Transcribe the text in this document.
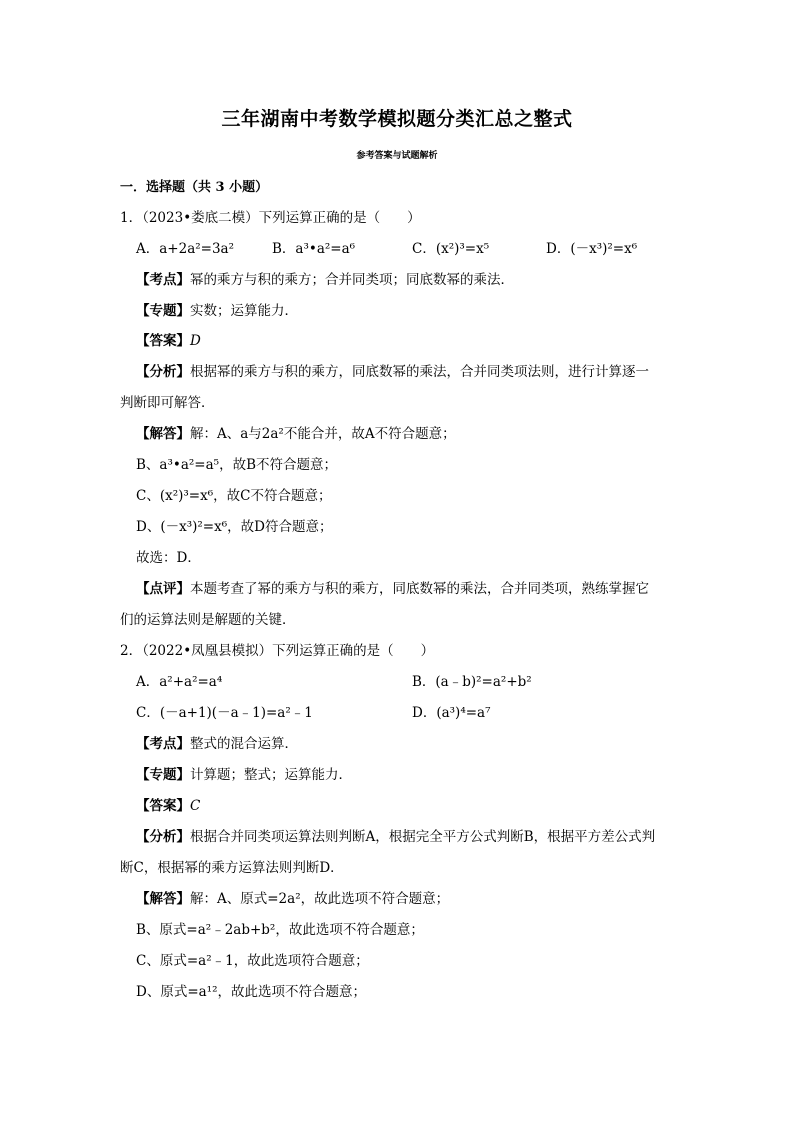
三年湖南中考数学模拟题分类汇总之整式
参考答案与试题解析
一．选择题（共 3 小题）
1．（2023•娄底二模）下列运算正确的是（　　）
A．a+2a²=3a²	B．a³•a²=a⁶	C．(x²)³=x⁵	D．(－x³)²=x⁶
【考点】幂的乘方与积的乘方；合并同类项；同底数幂的乘法．
【专题】实数；运算能力．
【答案】D
【分析】根据幂的乘方与积的乘方，同底数幂的乘法，合并同类项法则，进行计算逐一
判断即可解答．
【解答】解：A、a与2a²不能合并，故A不符合题意；
B、a³•a²=a⁵，故B不符合题意；
C、(x²)³=x⁶，故C不符合题意；
D、(－x³)²=x⁶，故D符合题意；
故选：D．
【点评】本题考查了幂的乘方与积的乘方，同底数幂的乘法，合并同类项，熟练掌握它
们的运算法则是解题的关键．
2．（2022•凤凰县模拟）下列运算正确的是（　　）
A．a²+a²=a⁴	B．(a﹣b)²=a²+b²
C．(－a+1)(－a﹣1)=a²﹣1	D．(a³)⁴=a⁷
【考点】整式的混合运算．
【专题】计算题；整式；运算能力．
【答案】C
【分析】根据合并同类项运算法则判断A，根据完全平方公式判断B，根据平方差公式判
断C，根据幂的乘方运算法则判断D．
【解答】解：A、原式=2a²，故此选项不符合题意；
B、原式=a²﹣2ab+b²，故此选项不符合题意；
C、原式=a²﹣1，故此选项符合题意；
D、原式=a¹²，故此选项不符合题意；
